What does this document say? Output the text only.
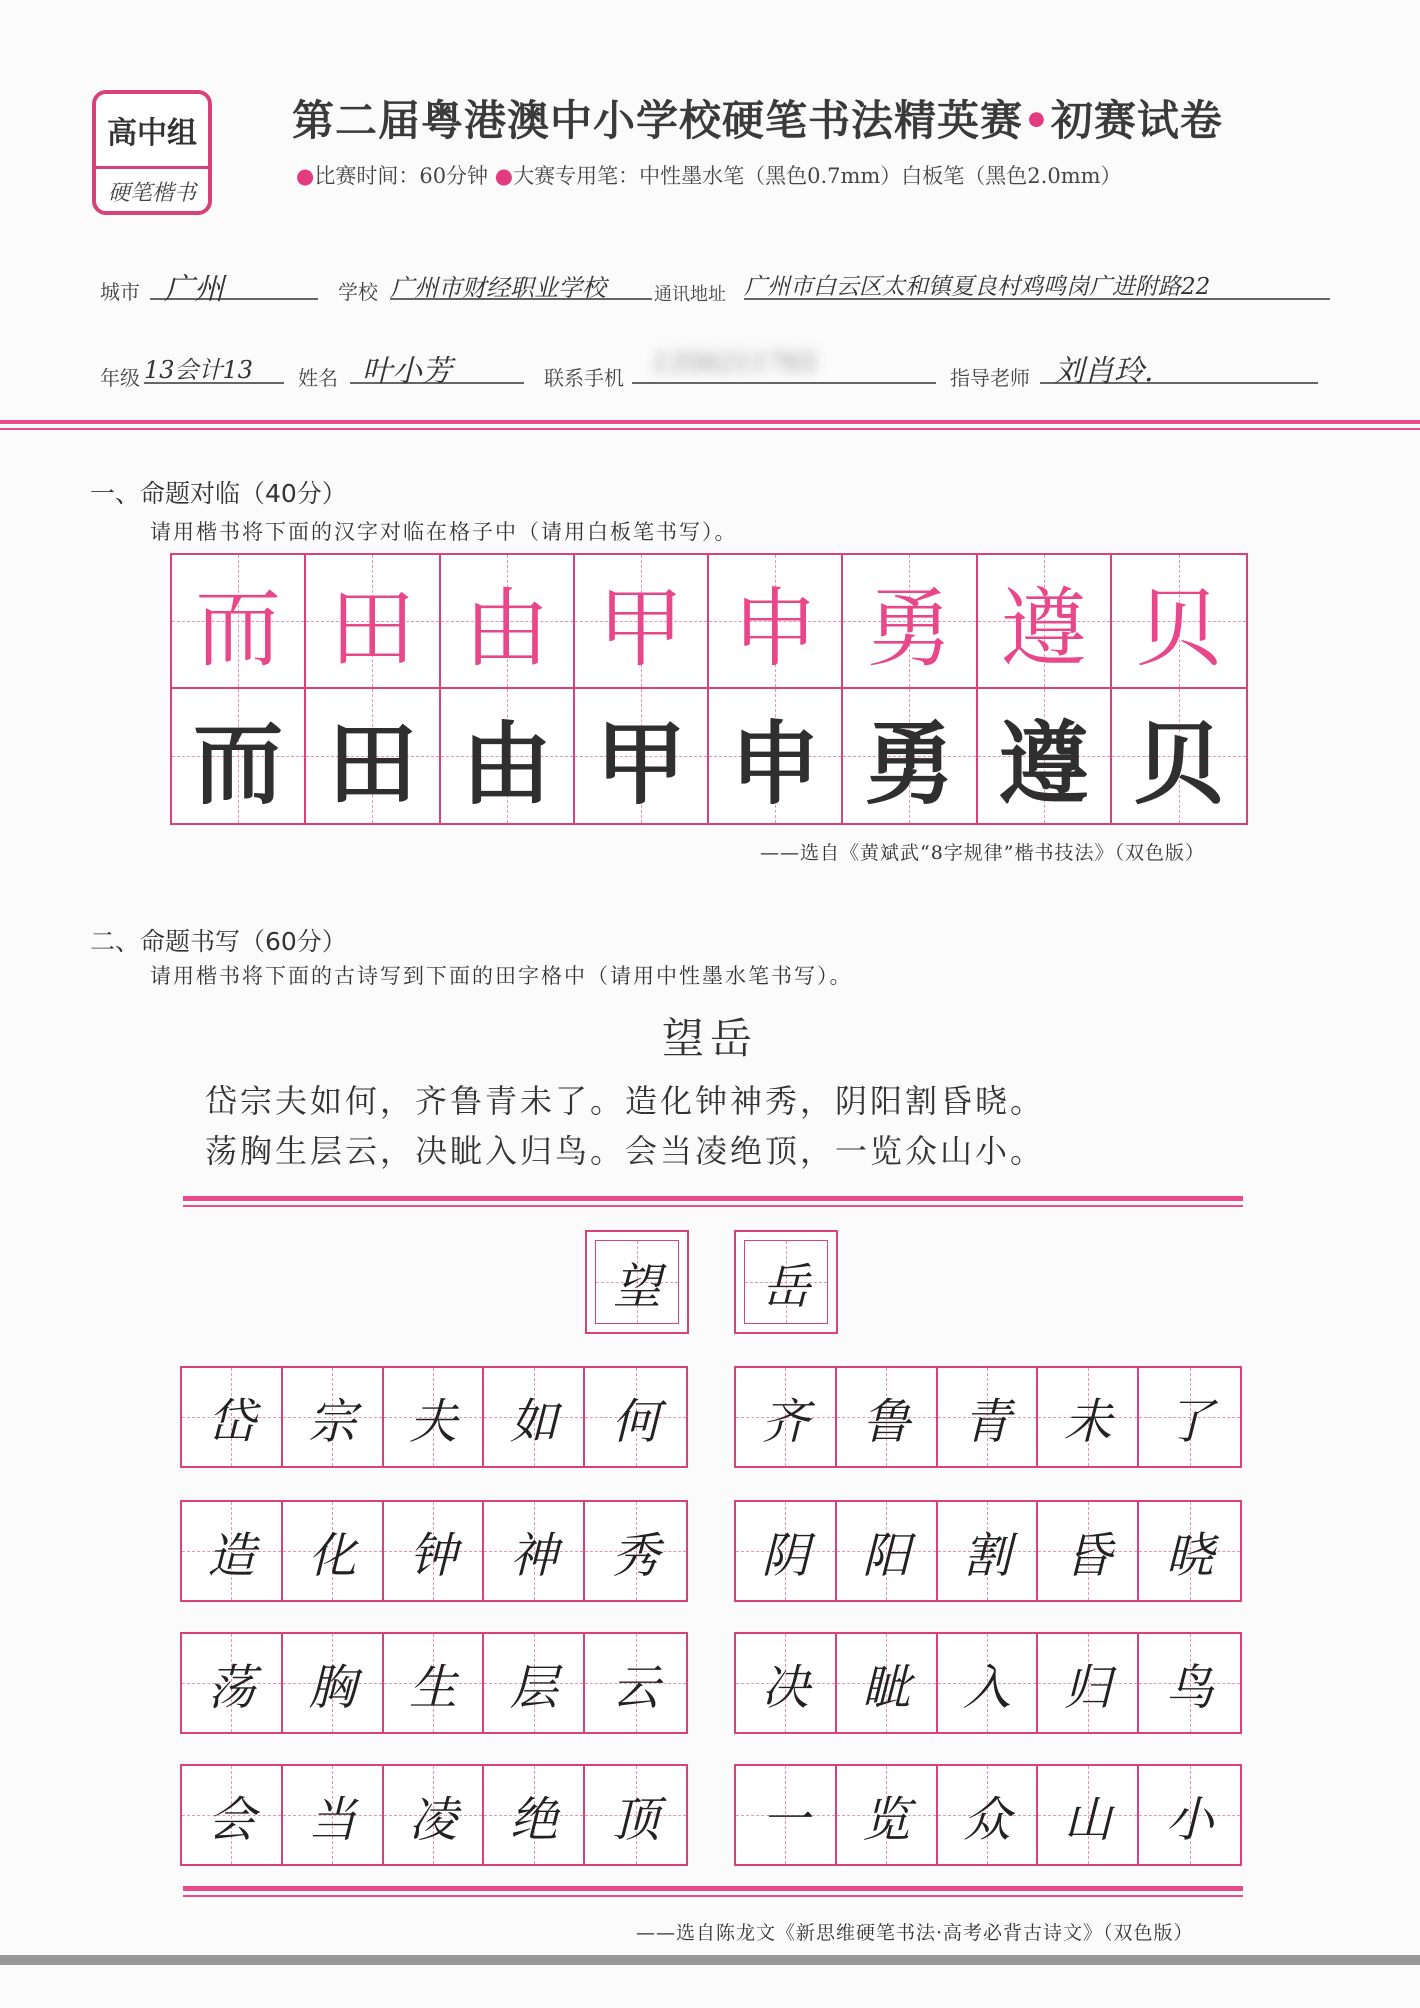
高中组
硬笔楷书
第二届粤港澳中小学校硬笔书法精英赛•初赛试卷
●比赛时间：60分钟 ●大赛专用笔：中性墨水笔（黑色0.7mm）白板笔（黑色2.0mm）
城市 广州	学校 广州市财经职业学校	通讯地址 广州市白云区太和镇夏良村鸡鸣岗广进附路22
年级 13会计13	姓名 叶小芳	联系手机	1356211765	指导老师 刘肖玲.
一、命题对临（40分）
请用楷书将下面的汉字对临在格子中（请用白板笔书写）。
而 田 由 甲 申 勇 遵 贝
而 田 由 甲 申 勇 遵 贝
——选自《黄斌武“8字规律”楷书技法》（双色版）
二、命题书写（60分）
请用楷书将下面的古诗写到下面的田字格中（请用中性墨水笔书写）。
望岳
岱宗夫如何，齐鲁青未了。造化钟神秀，阴阳割昏晓。
荡胸生层云，决眦入归鸟。会当凌绝顶，一览众山小。
望 岳
岱 宗 夫 如 何 齐 鲁 青 未 了
造 化 钟 神 秀 阴 阳 割 昏 晓
荡 胸 生 层 云 决 眦 入 归 鸟
会 当 凌 绝 顶 一 览 众 山 小
——选自陈龙文《新思维硬笔书法·高考必背古诗文》（双色版）
